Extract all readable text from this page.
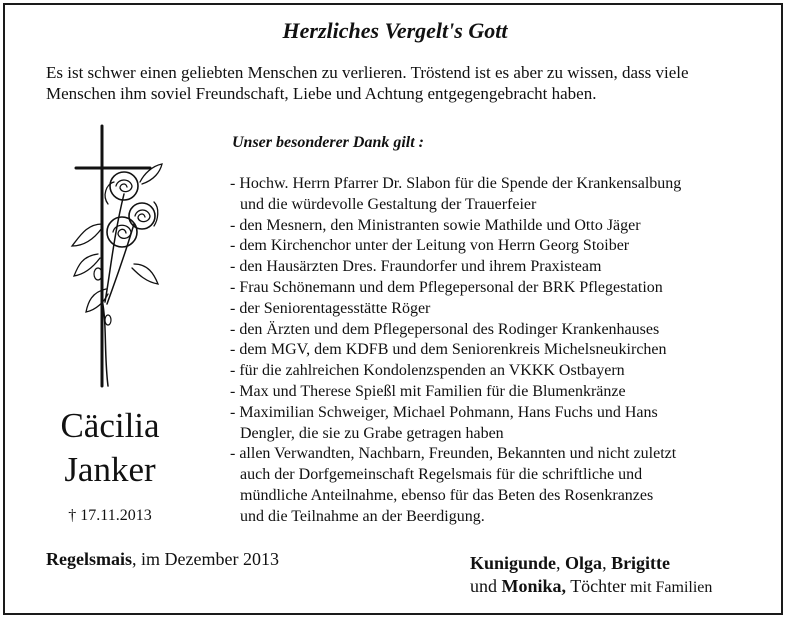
Herzliches Vergelt's Gott
Es ist schwer einen geliebten Menschen zu verlieren. Tröstend ist es aber zu wissen, dass viele
Menschen ihm soviel Freundschaft, Liebe und Achtung entgegengebracht haben.
Unser besonderer Dank gilt :
- Hochw. Herrn Pfarrer Dr. Slabon für die Spende der Krankensalbung
und die würdevolle Gestaltung der Trauerfeier
- den Mesnern, den Ministranten sowie Mathilde und Otto Jäger
- dem Kirchenchor unter der Leitung von Herrn Georg Stoiber
- den Hausärzten Dres. Fraundorfer und ihrem Praxisteam
- Frau Schönemann und dem Pflegepersonal der BRK Pflegestation
- der Seniorentagesstätte Röger
- den Ärzten und dem Pflegepersonal des Rodinger Krankenhauses
- dem MGV, dem KDFB und dem Seniorenkreis Michelsneukirchen
- für die zahlreichen Kondolenzspenden an VKKK Ostbayern
- Max und Therese Spießl mit Familien für die Blumenkränze
- Maximilian Schweiger, Michael Pohmann, Hans Fuchs und Hans
Dengler, die sie zu Grabe getragen haben
- allen Verwandten, Nachbarn, Freunden, Bekannten und nicht zuletzt
auch der Dorfgemeinschaft Regelsmais für die schriftliche und
mündliche Anteilnahme, ebenso für das Beten des Rosenkranzes
und die Teilnahme an der Beerdigung.
Cäcilia
Janker
† 17.11.2013
Regelsmais, im Dezember 2013	Kunigunde, Olga, Brigitte
und Monika, Töchter mit Familien
